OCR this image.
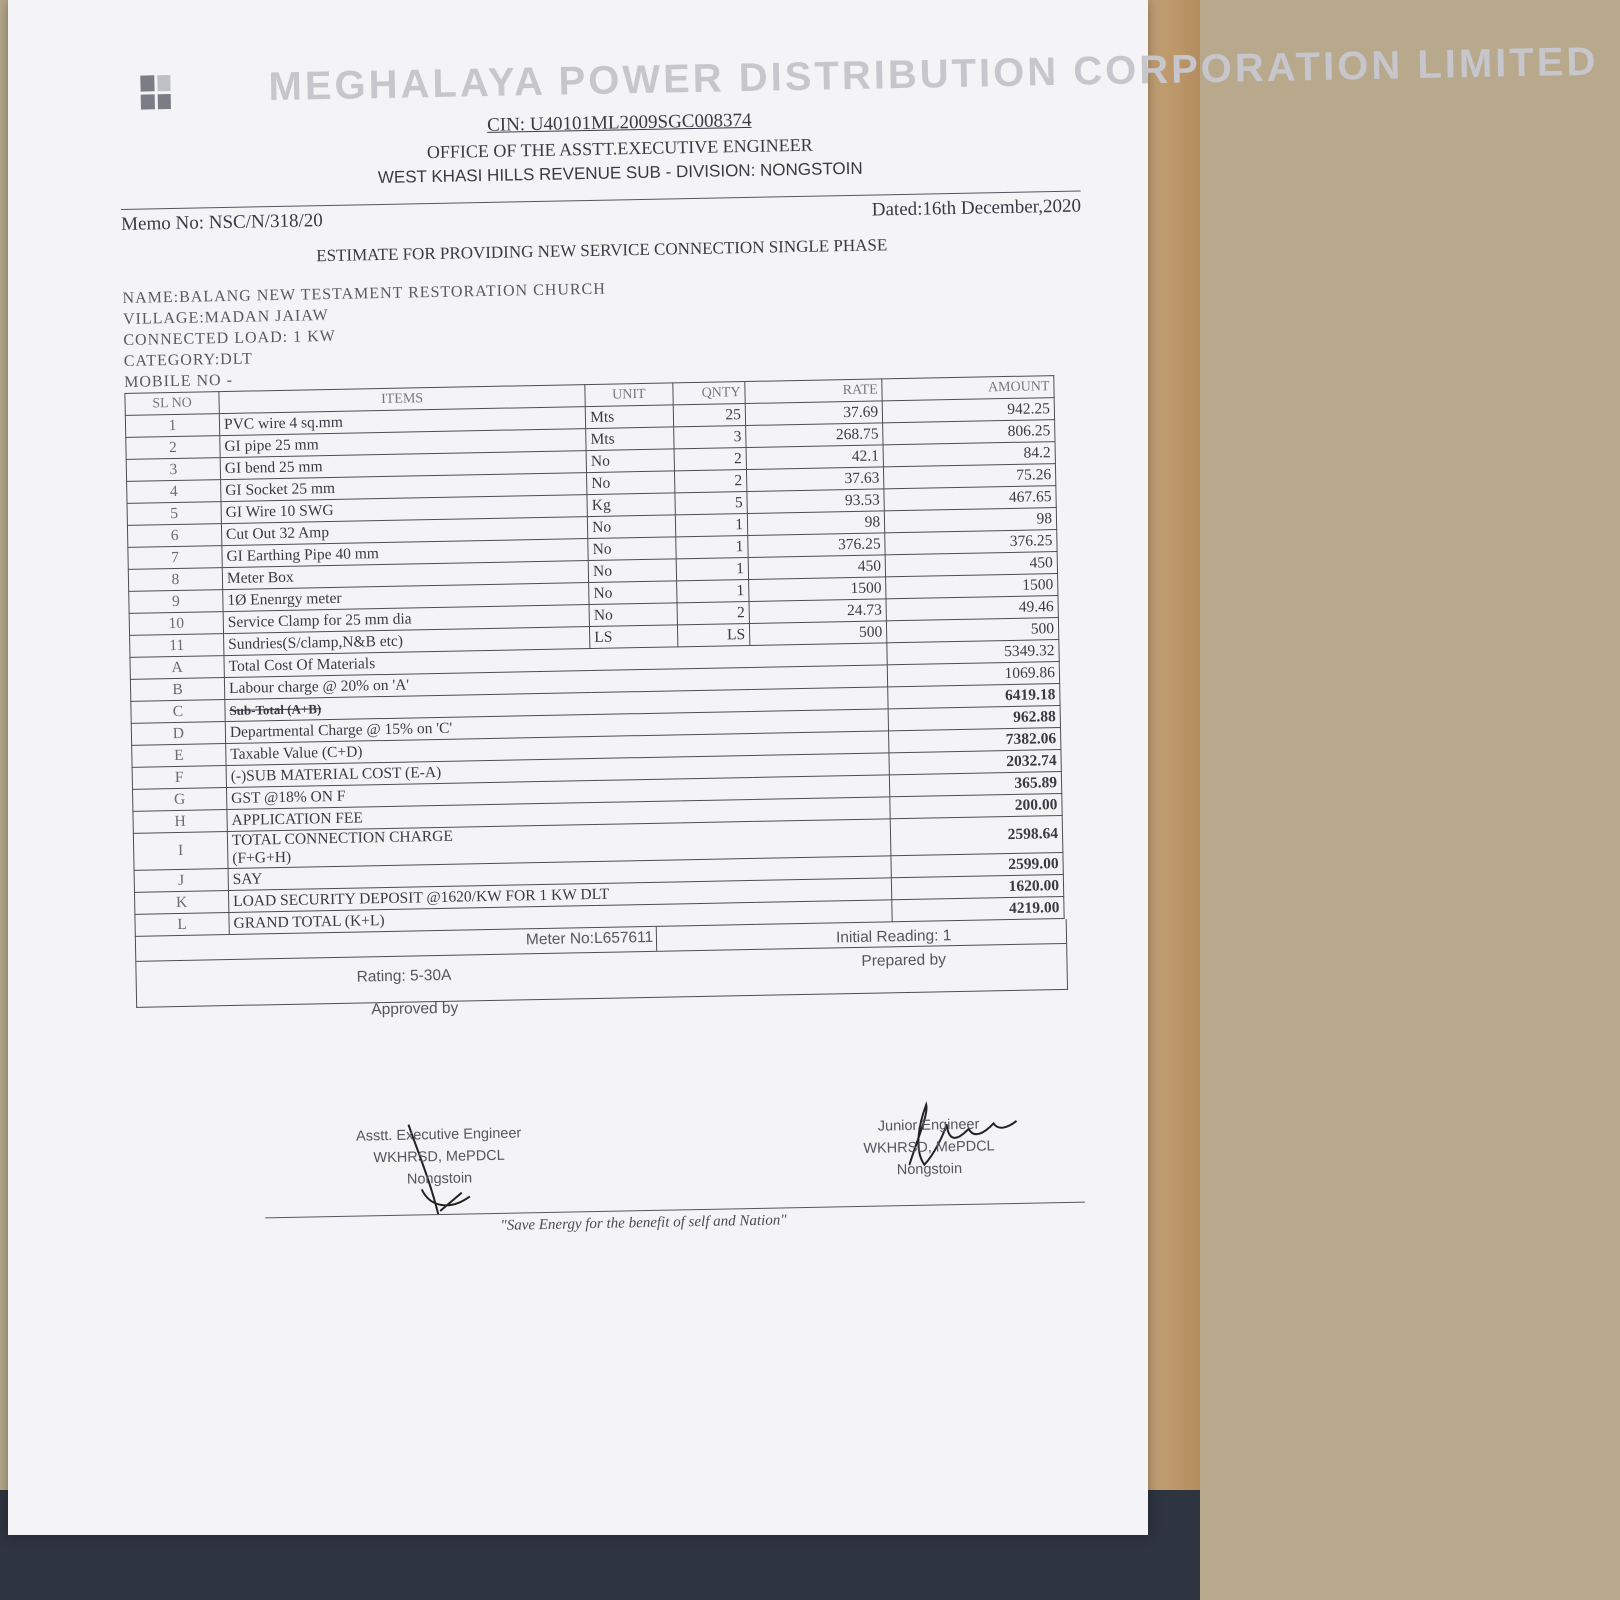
MEGHALAYA POWER DISTRIBUTION CORPORATION LIMITED
CIN: U40101ML2009SGC008374
OFFICE OF THE ASSTT.EXECUTIVE ENGINEER
WEST KHASI HILLS REVENUE SUB - DIVISION: NONGSTOIN
Memo No: NSC/N/318/20
Dated:16th December,2020
ESTIMATE FOR PROVIDING NEW SERVICE CONNECTION SINGLE PHASE
NAME:BALANG NEW TESTAMENT RESTORATION CHURCH
VILLAGE:MADAN JAIAW
CONNECTED LOAD: 1 KW
CATEGORY:DLT
MOBILE NO -
SL NO	ITEMS	UNIT	QNTY	RATE	AMOUNT
1	PVC wire 4 sq.mm	Mts	25	37.69	942.25
2	GI pipe 25 mm	Mts	3	268.75	806.25
3	GI bend 25 mm	No	2	42.1	84.2
4	GI Socket 25 mm	No	2	37.63	75.26
5	GI Wire 10 SWG	Kg	5	93.53	467.65
6	Cut Out 32 Amp	No	1	98	98
7	GI Earthing Pipe 40 mm	No	1	376.25	376.25
8	Meter Box	No	1	450	450
9	1Ø Enenrgy meter	No	1	1500	1500
10	Service Clamp for 25 mm dia	No	2	24.73	49.46
11	Sundries(S/clamp,N&B etc)	LS	LS	500	500
A	Total Cost Of Materials				5349.32
B	Labour charge @ 20% on 'A'				1069.86
C	Sub-Total (A+B)				6419.18
D	Departmental Charge @ 15% on 'C'				962.88
E	Taxable Value (C+D)				7382.06
F	(-)SUB MATERIAL COST (E-A)				2032.74
G	GST @18% ON F				365.89
H	APPLICATION FEE				200.00
I	TOTAL CONNECTION CHARGE
(F+G+H)				2598.64
J	SAY				2599.00
K	LOAD SECURITY DEPOSIT @1620/KW FOR 1 KW DLT				1620.00
L	GRAND TOTAL (K+L)				4219.00
Meter No:L657611	Initial Reading: 1
Rating: 5-30A
Prepared by
Approved by
Asstt. Executive Engineer
WKHRSD, MePDCL
Nongstoin
Junior Engineer
WKHRSD, MePDCL
Nongstoin
"Save Energy for the benefit of self and Nation"
